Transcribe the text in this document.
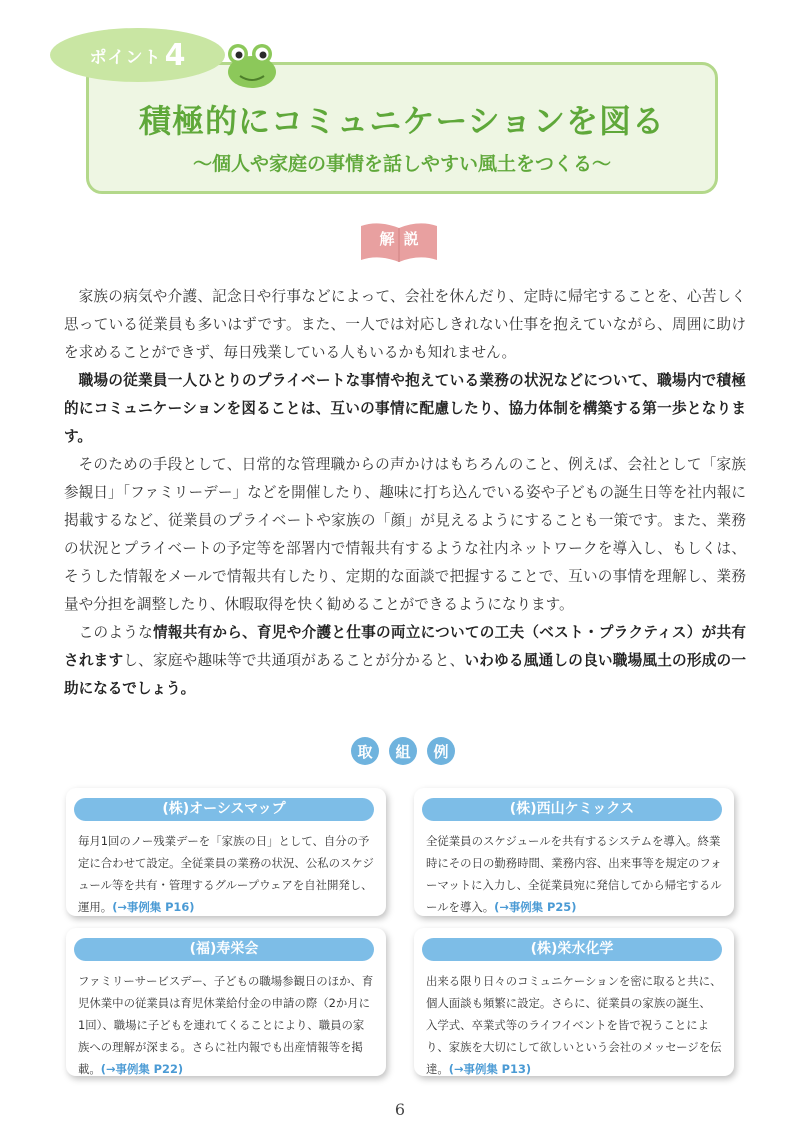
ポイント 4
積極的にコミュニケーションを図る
～個人や家庭の事情を話しやすい風土をつくる～
解説

家族の病気や介護、記念日や行事などによって、会社を休んだり、定時に帰宅することを、心苦しく思っている従業員も多いはずです。また、一人では対応しきれない仕事を抱えていながら、周囲に助けを求めることができず、毎日残業している人もいるかも知れません。

職場の従業員一人ひとりのプライベートな事情や抱えている業務の状況などについて、職場内で積極的にコミュニケーションを図ることは、互いの事情に配慮したり、協力体制を構築する第一歩となります。

そのための手段として、日常的な管理職からの声かけはもちろんのこと、例えば、会社として「家族参観日」「ファミリーデー」などを開催したり、趣味に打ち込んでいる姿や子どもの誕生日等を社内報に掲載するなど、従業員のプライベートや家族の「顔」が見えるようにすることも一策です。また、業務の状況とプライベートの予定等を部署内で情報共有するような社内ネットワークを導入し、もしくは、そうした情報をメールで情報共有したり、定期的な面談で把握することで、互いの事情を理解し、業務量や分担を調整したり、休暇取得を快く勧めることができるようになります。

このような情報共有から、育児や介護と仕事の両立についての工夫（ベスト・プラクティス）が共有されますし、家庭や趣味等で共通項があることが分かると、いわゆる風通しの良い職場風土の形成の一助になるでしょう。

取	組	例
(株)オーシスマップ
毎月1回のノー残業デーを「家族の日」として、自分の予定に合わせて設定。全従業員の業務の状況、公私のスケジュール等を共有・管理するグループウェアを自社開発し、運用。(→事例集 P16)
(株)西山ケミックス
全従業員のスケジュールを共有するシステムを導入。終業時にその日の勤務時間、業務内容、出来事等を規定のフォーマットに入力し、全従業員宛に発信してから帰宅するルールを導入。(→事例集 P25)
(福)寿栄会
ファミリーサービスデー、子どもの職場参観日のほか、育児休業中の従業員は育児休業給付金の申請の際（2か月に1回）、職場に子どもを連れてくることにより、職員の家族への理解が深まる。さらに社内報でも出産情報等を掲載。(→事例集 P22)
(株)栄水化学
出来る限り日々のコミュニケーションを密に取ると共に、個人面談も頻繁に設定。さらに、従業員の家族の誕生、入学式、卒業式等のライフイベントを皆で祝うことにより、家族を大切にして欲しいという会社のメッセージを伝達。(→事例集 P13)
6
